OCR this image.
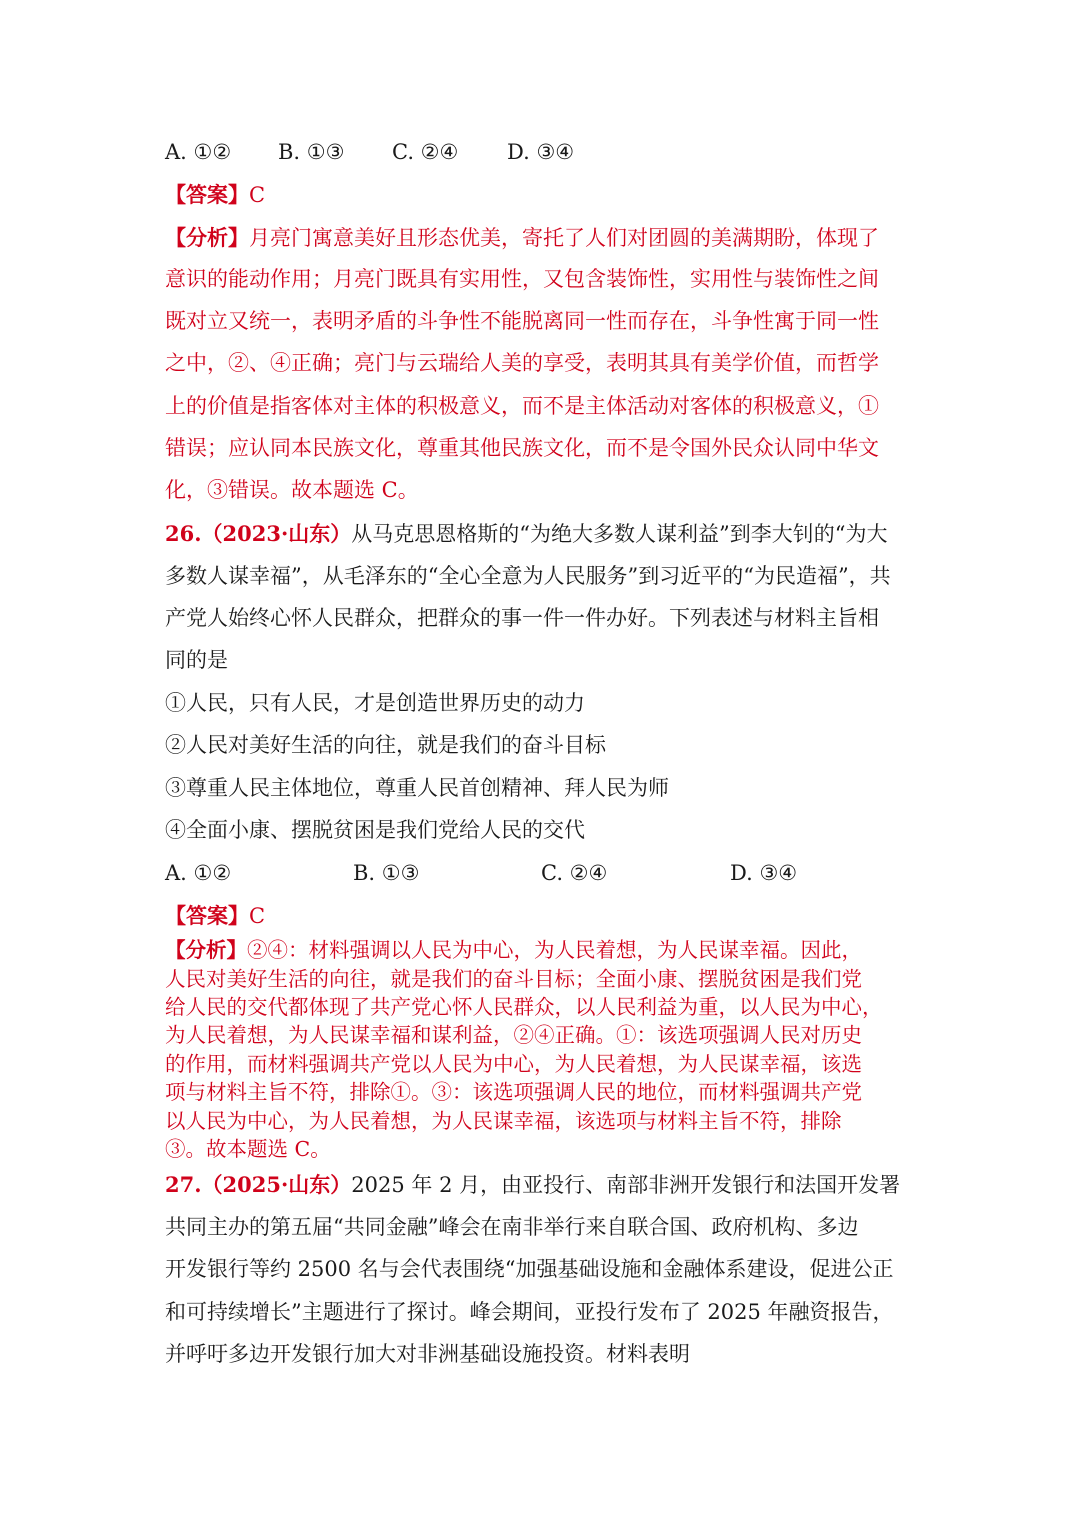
A. ①② B. ①③ C. ②④ D. ③④
【答案】C
【分析】月亮门寓意美好且形态优美，寄托了人们对团圆的美满期盼，体现了
意识的能动作用；月亮门既具有实用性，又包含装饰性，实用性与装饰性之间
既对立又统一，表明矛盾的斗争性不能脱离同一性而存在，斗争性寓于同一性
之中，②、④正确；亮门与云瑞给人美的享受，表明其具有美学价值，而哲学
上的价值是指客体对主体的积极意义，而不是主体活动对客体的积极意义，①
错误；应认同本民族文化，尊重其他民族文化，而不是令国外民众认同中华文
化，③错误。故本题选 C。
26.（2023·山东）从马克思恩格斯的“为绝大多数人谋利益”到李大钊的“为大
多数人谋幸福”，从毛泽东的“全心全意为人民服务”到习近平的“为民造福”，共
产党人始终心怀人民群众，把群众的事一件一件办好。下列表述与材料主旨相
同的是
①人民，只有人民，才是创造世界历史的动力
②人民对美好生活的向往，就是我们的奋斗目标
③尊重人民主体地位，尊重人民首创精神、拜人民为师
④全面小康、摆脱贫困是我们党给人民的交代
A. ①②	B. ①③	C. ②④	D. ③④
【答案】C
【分析】②④：材料强调以人民为中心，为人民着想，为人民谋幸福。因此，
人民对美好生活的向往，就是我们的奋斗目标；全面小康、摆脱贫困是我们党
给人民的交代都体现了共产党心怀人民群众，以人民利益为重，以人民为中心，
为人民着想，为人民谋幸福和谋利益，②④正确。①：该选项强调人民对历史
的作用，而材料强调共产党以人民为中心，为人民着想，为人民谋幸福，该选
项与材料主旨不符，排除①。③：该选项强调人民的地位，而材料强调共产党
以人民为中心，为人民着想，为人民谋幸福，该选项与材料主旨不符，排除
③。故本题选 C。
27.（2025·山东）2025 年 2 月，由亚投行、南部非洲开发银行和法国开发署
共同主办的第五届“共同金融”峰会在南非举行来自联合国、政府机构、多边
开发银行等约 2500 名与会代表围绕“加强基础设施和金融体系建设，促进公正
和可持续增长”主题进行了探讨。峰会期间，亚投行发布了 2025 年融资报告，
并呼吁多边开发银行加大对非洲基础设施投资。材料表明
